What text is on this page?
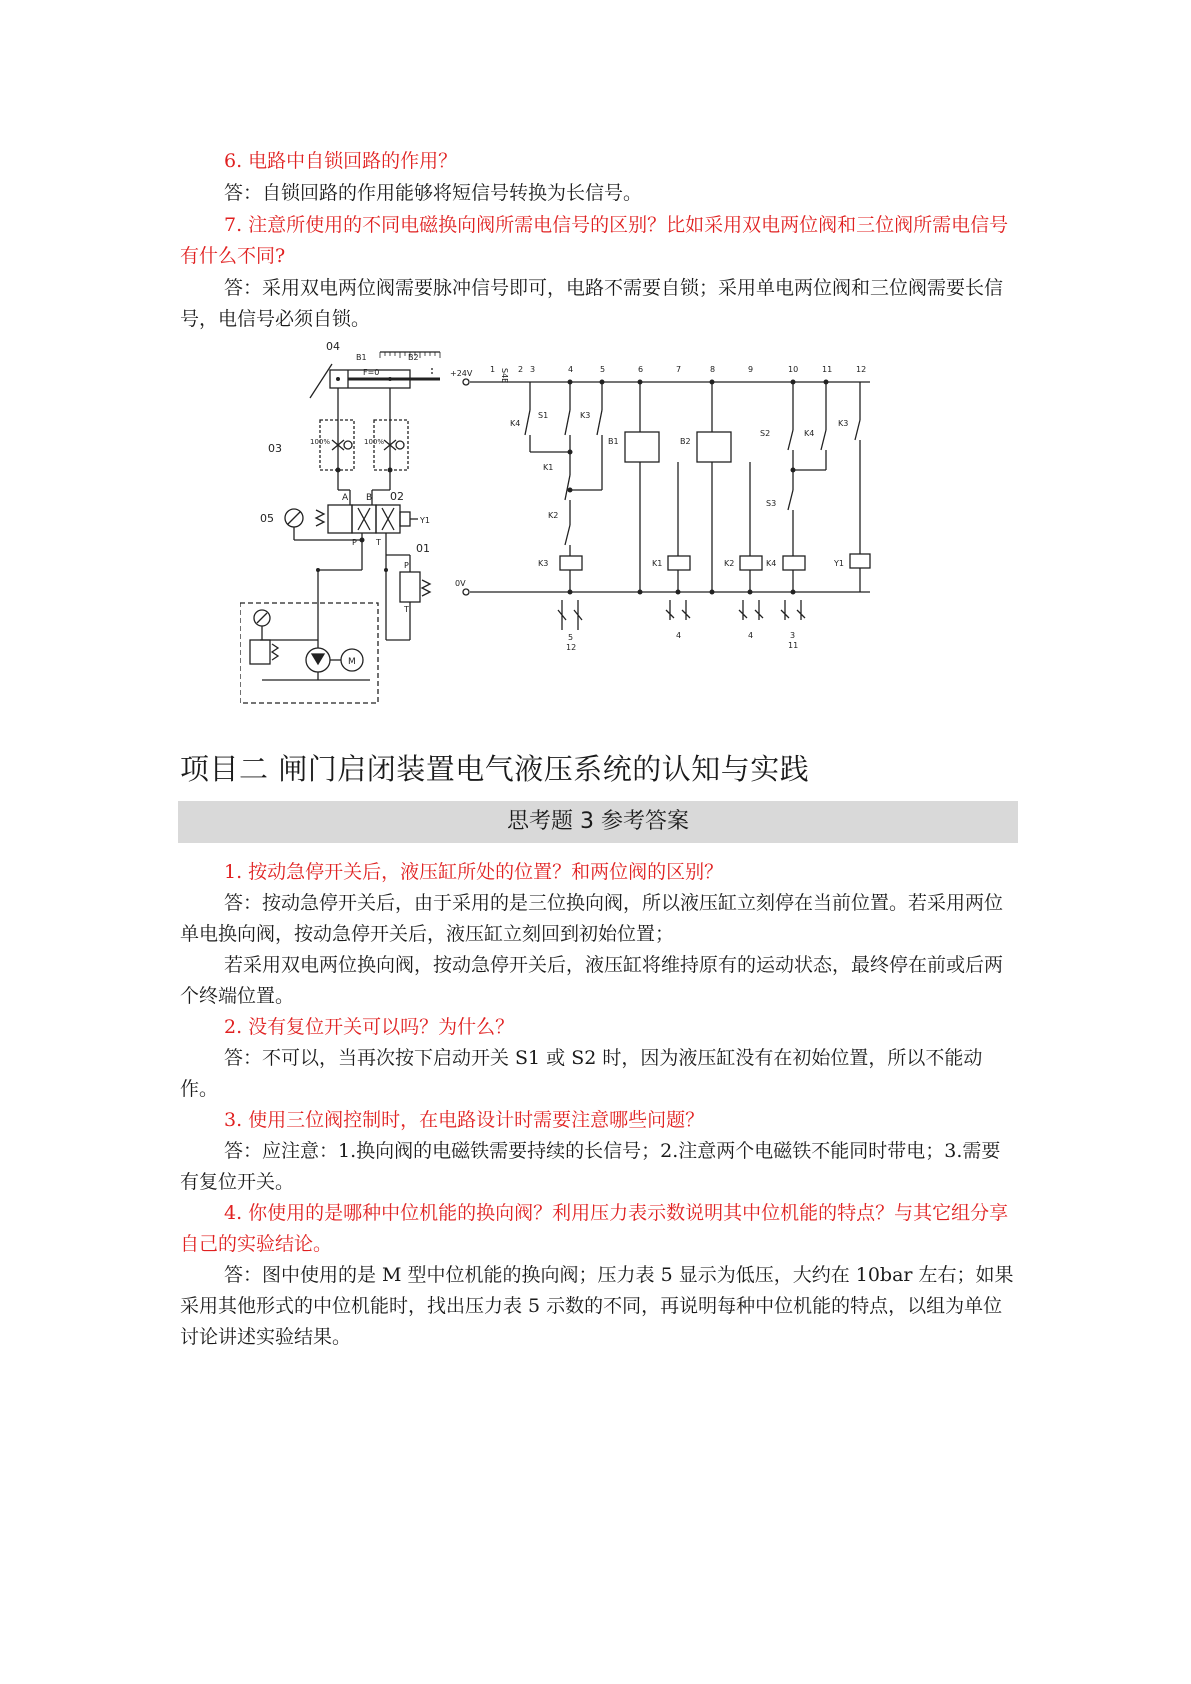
6. 电路中自锁回路的作用？

答：自锁回路的作用能够将短信号转换为长信号。

7. 注意所使用的不同电磁换向阀所需电信号的区别？比如采用双电两位阀和三位阀所需电信号有什么不同?

答：采用双电两位阀需要脉冲信号即可，电路不需要自锁；采用单电两位阀和三位阀需要长信号，电信号必须自锁。

04
B1	B2
F=0
03	100%	100%
A B 02
Y1
P T
05
01
P
T
M
+24V
0V
1	2 3	4	5	6	7	8	9	10	11	12
S4E
S1
K4
K3
K1
K2
K3
B1	B2
K1	K2	K4
S2	K4
K3
S3
Y1
5
12
4	4	3
11
项目二 闸门启闭装置电气液压系统的认知与实践
思考题 3 参考答案

1. 按动急停开关后，液压缸所处的位置？和两位阀的区别？

答：按动急停开关后，由于采用的是三位换向阀，所以液压缸立刻停在当前位置。若采用两位单电换向阀，按动急停开关后，液压缸立刻回到初始位置；

若采用双电两位换向阀，按动急停开关后，液压缸将维持原有的运动状态，最终停在前或后两个终端位置。

2. 没有复位开关可以吗？为什么？

答：不可以，当再次按下启动开关 S1 或 S2 时，因为液压缸没有在初始位置，所以不能动作。

3. 使用三位阀控制时，在电路设计时需要注意哪些问题？

答：应注意：1.换向阀的电磁铁需要持续的长信号；2.注意两个电磁铁不能同时带电；3.需要有复位开关。

4. 你使用的是哪种中位机能的换向阀？利用压力表示数说明其中位机能的特点？与其它组分享自己的实验结论。

答：图中使用的是 M 型中位机能的换向阀；压力表 5 显示为低压，大约在 10bar 左右；如果采用其他形式的中位机能时，找出压力表 5 示数的不同，再说明每种中位机能的特点，以组为单位讨论讲述实验结果。
